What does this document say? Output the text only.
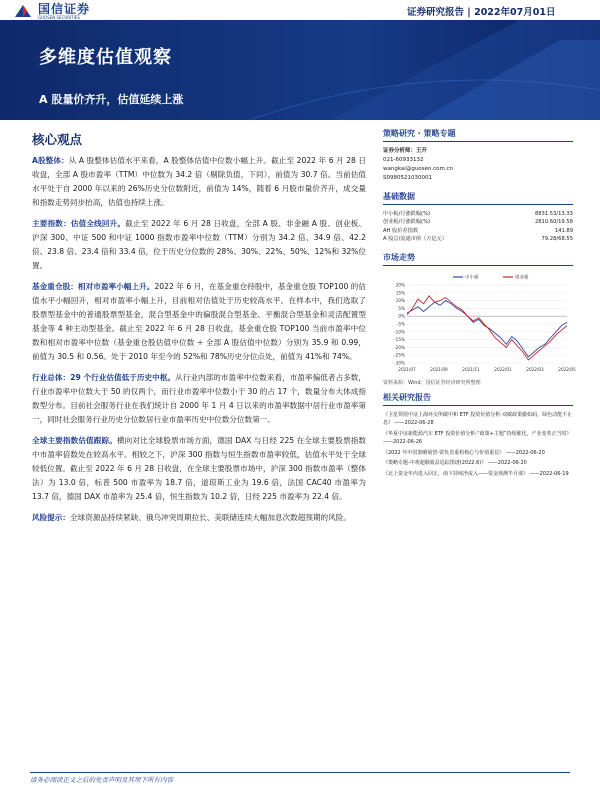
国信证券
GUOSEN SECURITIES	证券研究报告 | 2022年07月01日
多维度估值观察
A 股量价齐升，估值延续上涨
核心观点
A股整体：从 A 股整体估值水平来看，A 股整体估值中位数小幅上升。截止至 2022 年 6 月 28 日收盘，全部 A 股市盈率（TTM）中位数为 34.2 倍（剔除负值，下同），前值为 30.7 倍。当前估值水平处于自 2000 年以来的 26%历史分位数附近，前值为 14%，随着 6 月股市量价齐升，成交量和指数走势同步抬高，估值也持续上涨。
主要指数：估值全线回升。截止至 2022 年 6 月 28 日收盘，全部 A 股、非金融 A 股、创业板、沪深 300、中证 500 和中证 1000 指数市盈率中位数（TTM）分别为 34.2 倍、34.9 倍、42.2 倍、23.8 倍、23.4 倍和 33.4 倍，位于历史分位数的 28%、30%、22%、50%、12%和 32%位置。
基金重仓股：相对市盈率小幅上升。2022 年 6 月，在基金重仓持股中，基金重仓股 TOP100 的估值水平小幅回升，相对市盈率小幅上升，目前相对估值处于历史较高水平。在样本中，我们选取了股票型基金中的普通股票型基金，混合型基金中的偏股混合型基金、平衡混合型基金和灵活配置型基金等 4 种主动型基金。截止至 2022 年 6 月 28 日收盘，基金重仓股 TOP100 当前市盈率中位数和相对市盈率中位数（基金重仓股估值中位数 ÷ 全部 A 股估值中位数）分别为 35.9 和 0.99，前值为 30.5 和 0.56。处于 2010 年至今的 52%和 78%历史分位点处，前值为 41%和 74%。
行业总体：29 个行业估值低于历史中枢。从行业内部的市盈率中位数来看，市盈率偏低者占多数，行业市盈率中位数大于 50 的仅两个，而行业市盈率中位数小于 30 的占 17 个，数量分布大体成指数型分布。目前社会服务行业在我们统计自 2000 年 1 月 4 日以来的市盈率数据中居行业市盈率第一，同时社会服务行业历史分位数居行业市盈率历史中位数分位数第一。
全球主要指数估值跟踪。横向对比全球股票市场方面，德国 DAX 与日经 225 在全球主要股票指数中市盈率倍数处在较高水平。相较之下，沪深 300 指数与恒生指数市盈率较低，估值水平处于全球较低位置。截止至 2022 年 6 月 28 日收盘，在全球主要股票市场中，沪深 300 指数市盈率（整体法）为 13.0 倍，标普 500 市盈率为 18.7 倍，道琼斯工业为 19.6 倍，法国 CAC40 市盈率为 13.7 倍，德国 DAX 市盈率为 25.4 倍，恒生指数为 10.2 倍，日经 225 市盈率为 22.4 倍。
风险提示：全球资源品持续紧缺、俄乌冲突周期拉长、美联储连续大幅加息次数超预期的风险。
策略研究 · 策略专题
证券分析师：王开
021-60933132
wangkai@guosen.com.cn
S0980521030001
基础数据
中小板/月涨跌幅(%)	8831.53/13.33
创业板/月涨跌幅(%)	2810.60/19.58
AH 股价差指数	141.89
A 股总/流通市值（万亿元）	79.28/68.55
市场走势
20%
15%
10%
5%
0%
-5%
-10%
-15%
-20%
-25%
-30%
2021/07	2021/09	2021/11	2022/01	2022/03	2022/05
中小板	创业板
资料来源：Wind、国信证券经济研究所整理
相关研究报告
《卫星领馆中证上海环交所碳中和 ETF 投资价值分析-双碳政策勤如码，绿色动能不止息》 ——2022-06-28
《华夏中证新能源汽车 ETF 投资价值分析-“政策+主题”持续催化，产业变革正当时》 ——2022-06-26
《2022 年中国策略展望-资负表重构核心与价值重估》 ——2022-06-20
《策略专题-中观超额收益追踪图谱(2022.6)》 ——2022-06-20
《北上资金年内进入回正，南下持续净流入——资金观测半月谈》 ——2022-06-19
请务必阅读正文之后的免责声明及其项下所有内容
